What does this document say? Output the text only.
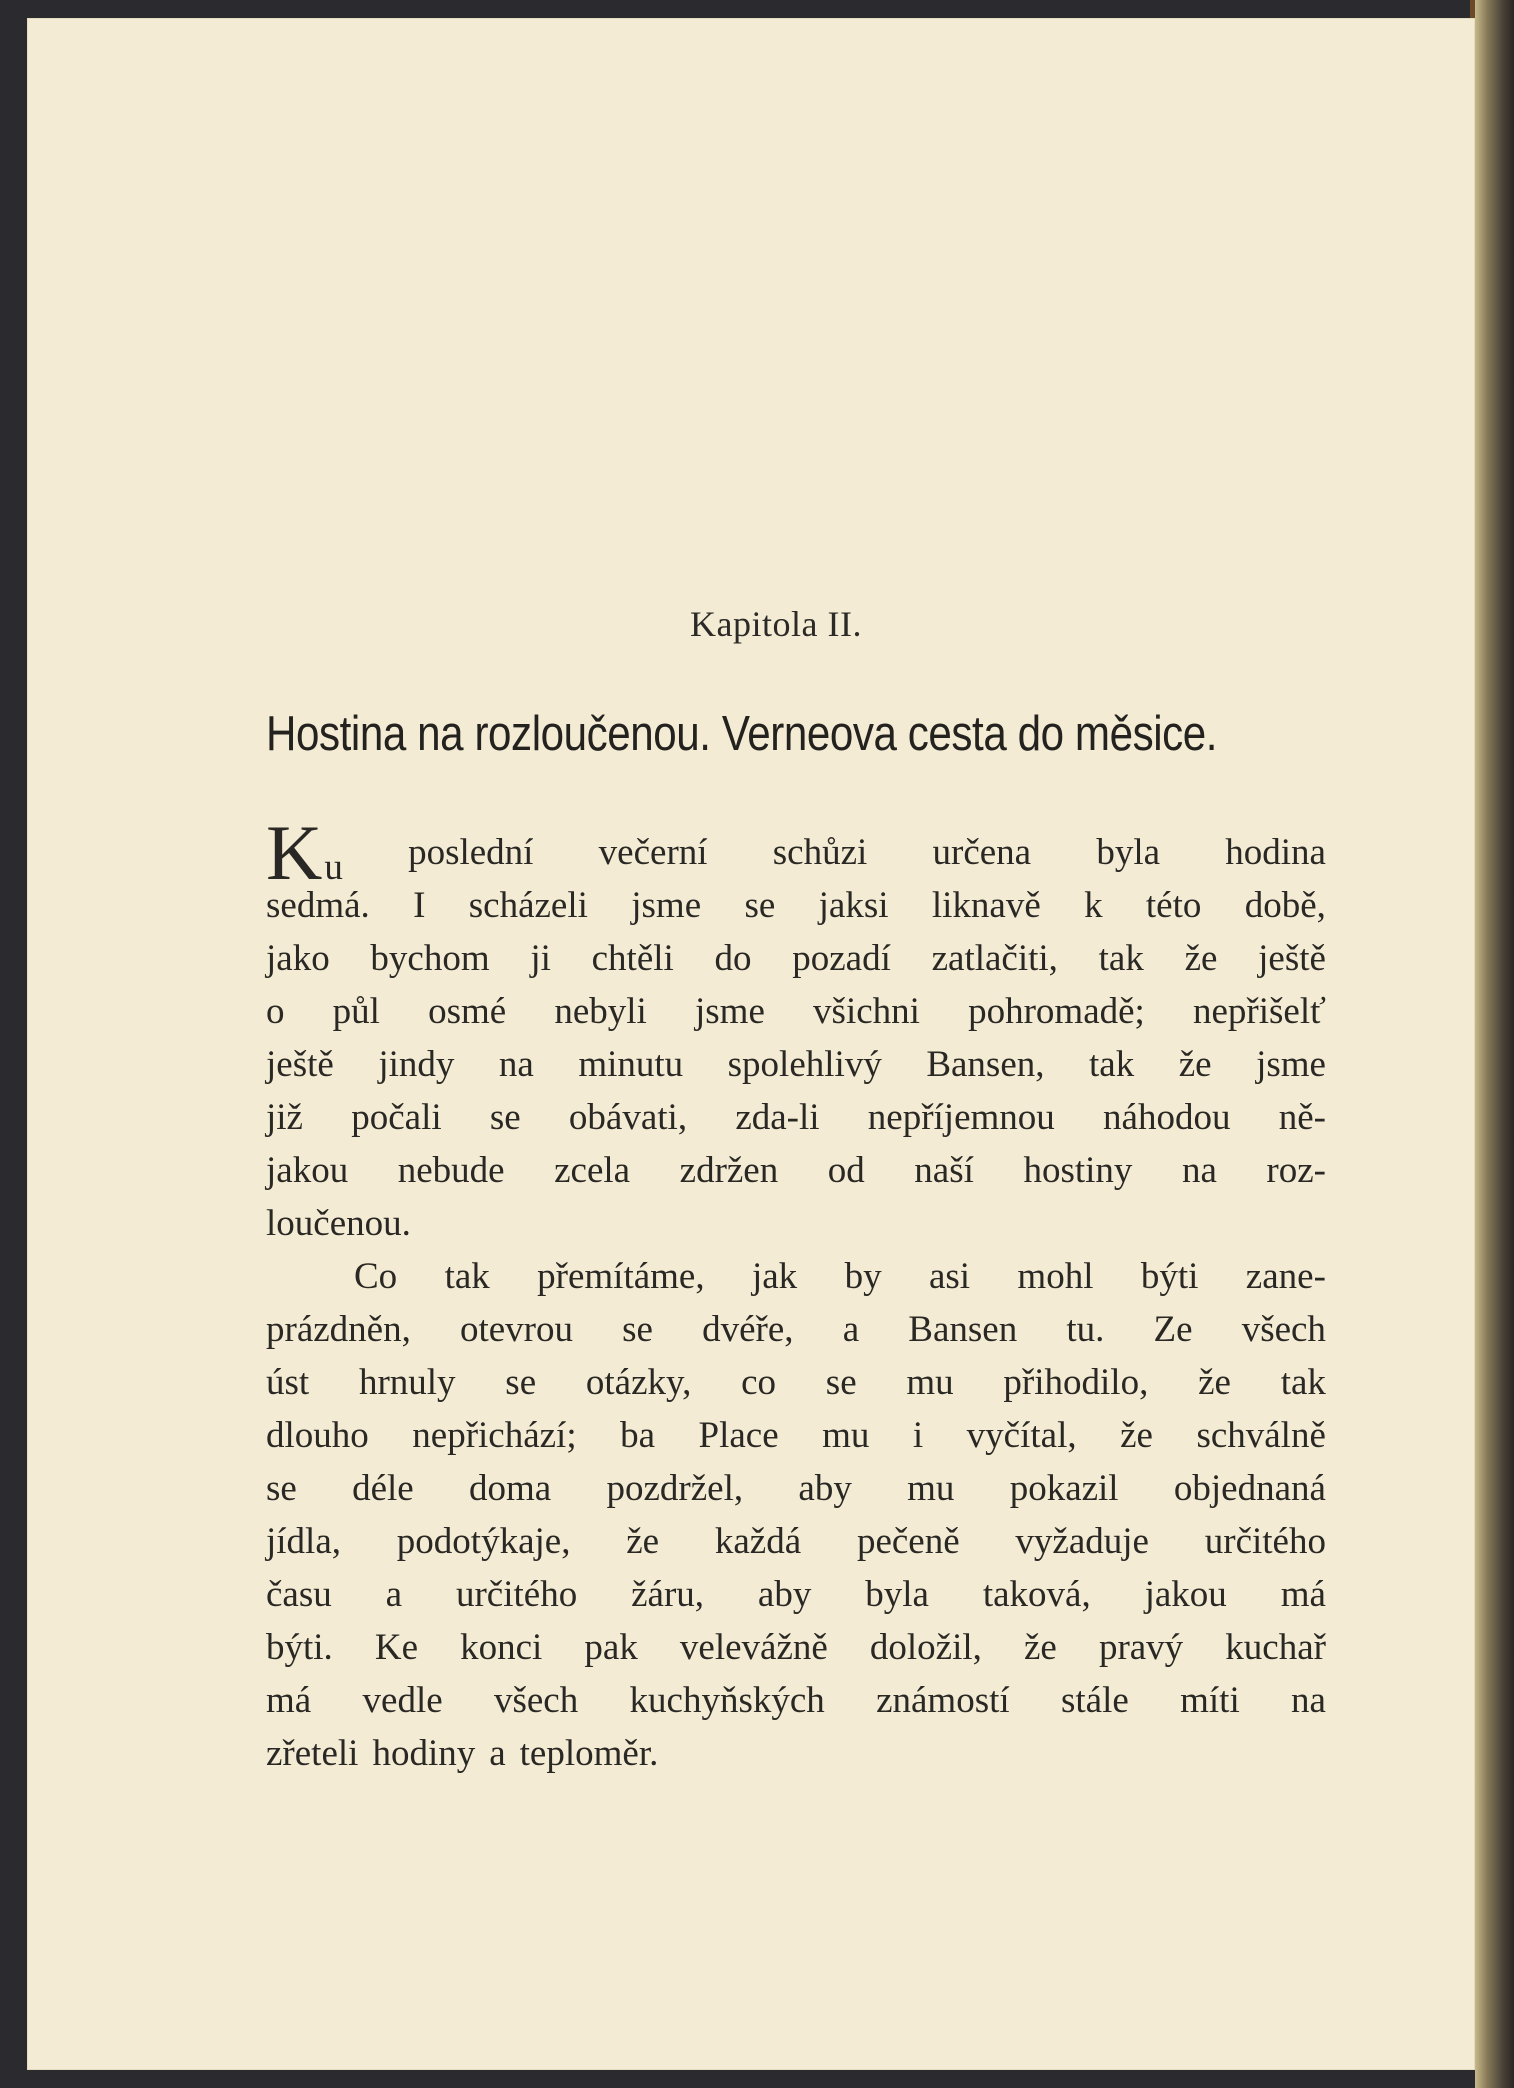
Kapitola II.
Hostina na rozloučenou. Verneova cesta do měsice.
Ku poslední večerní schůzi určena byla hodina
sedmá. I scházeli jsme se jaksi liknavě k této době,
jako bychom ji chtěli do pozadí zatlačiti, tak že ještě
o půl osmé nebyli jsme všichni pohromadě; nepřišelť
ještě jindy na minutu spolehlivý Bansen, tak že jsme
již počali se obávati, zda-li nepříjemnou náhodou ně-
jakou nebude zcela zdržen od naší hostiny na roz-
loučenou.
Co tak přemítáme, jak by asi mohl býti zane-
prázdněn, otevrou se dvéře, a Bansen tu. Ze všech
úst hrnuly se otázky, co se mu přihodilo, že tak
dlouho nepřichází; ba Place mu i vyčítal, že schválně
se déle doma pozdržel, aby mu pokazil objednaná
jídla, podotýkaje, že každá pečeně vyžaduje určitého
času a určitého žáru, aby byla taková, jakou má
býti. Ke konci pak velevážně doložil, že pravý kuchař
má vedle všech kuchyňských známostí stále míti na
zřeteli hodiny a teploměr.
